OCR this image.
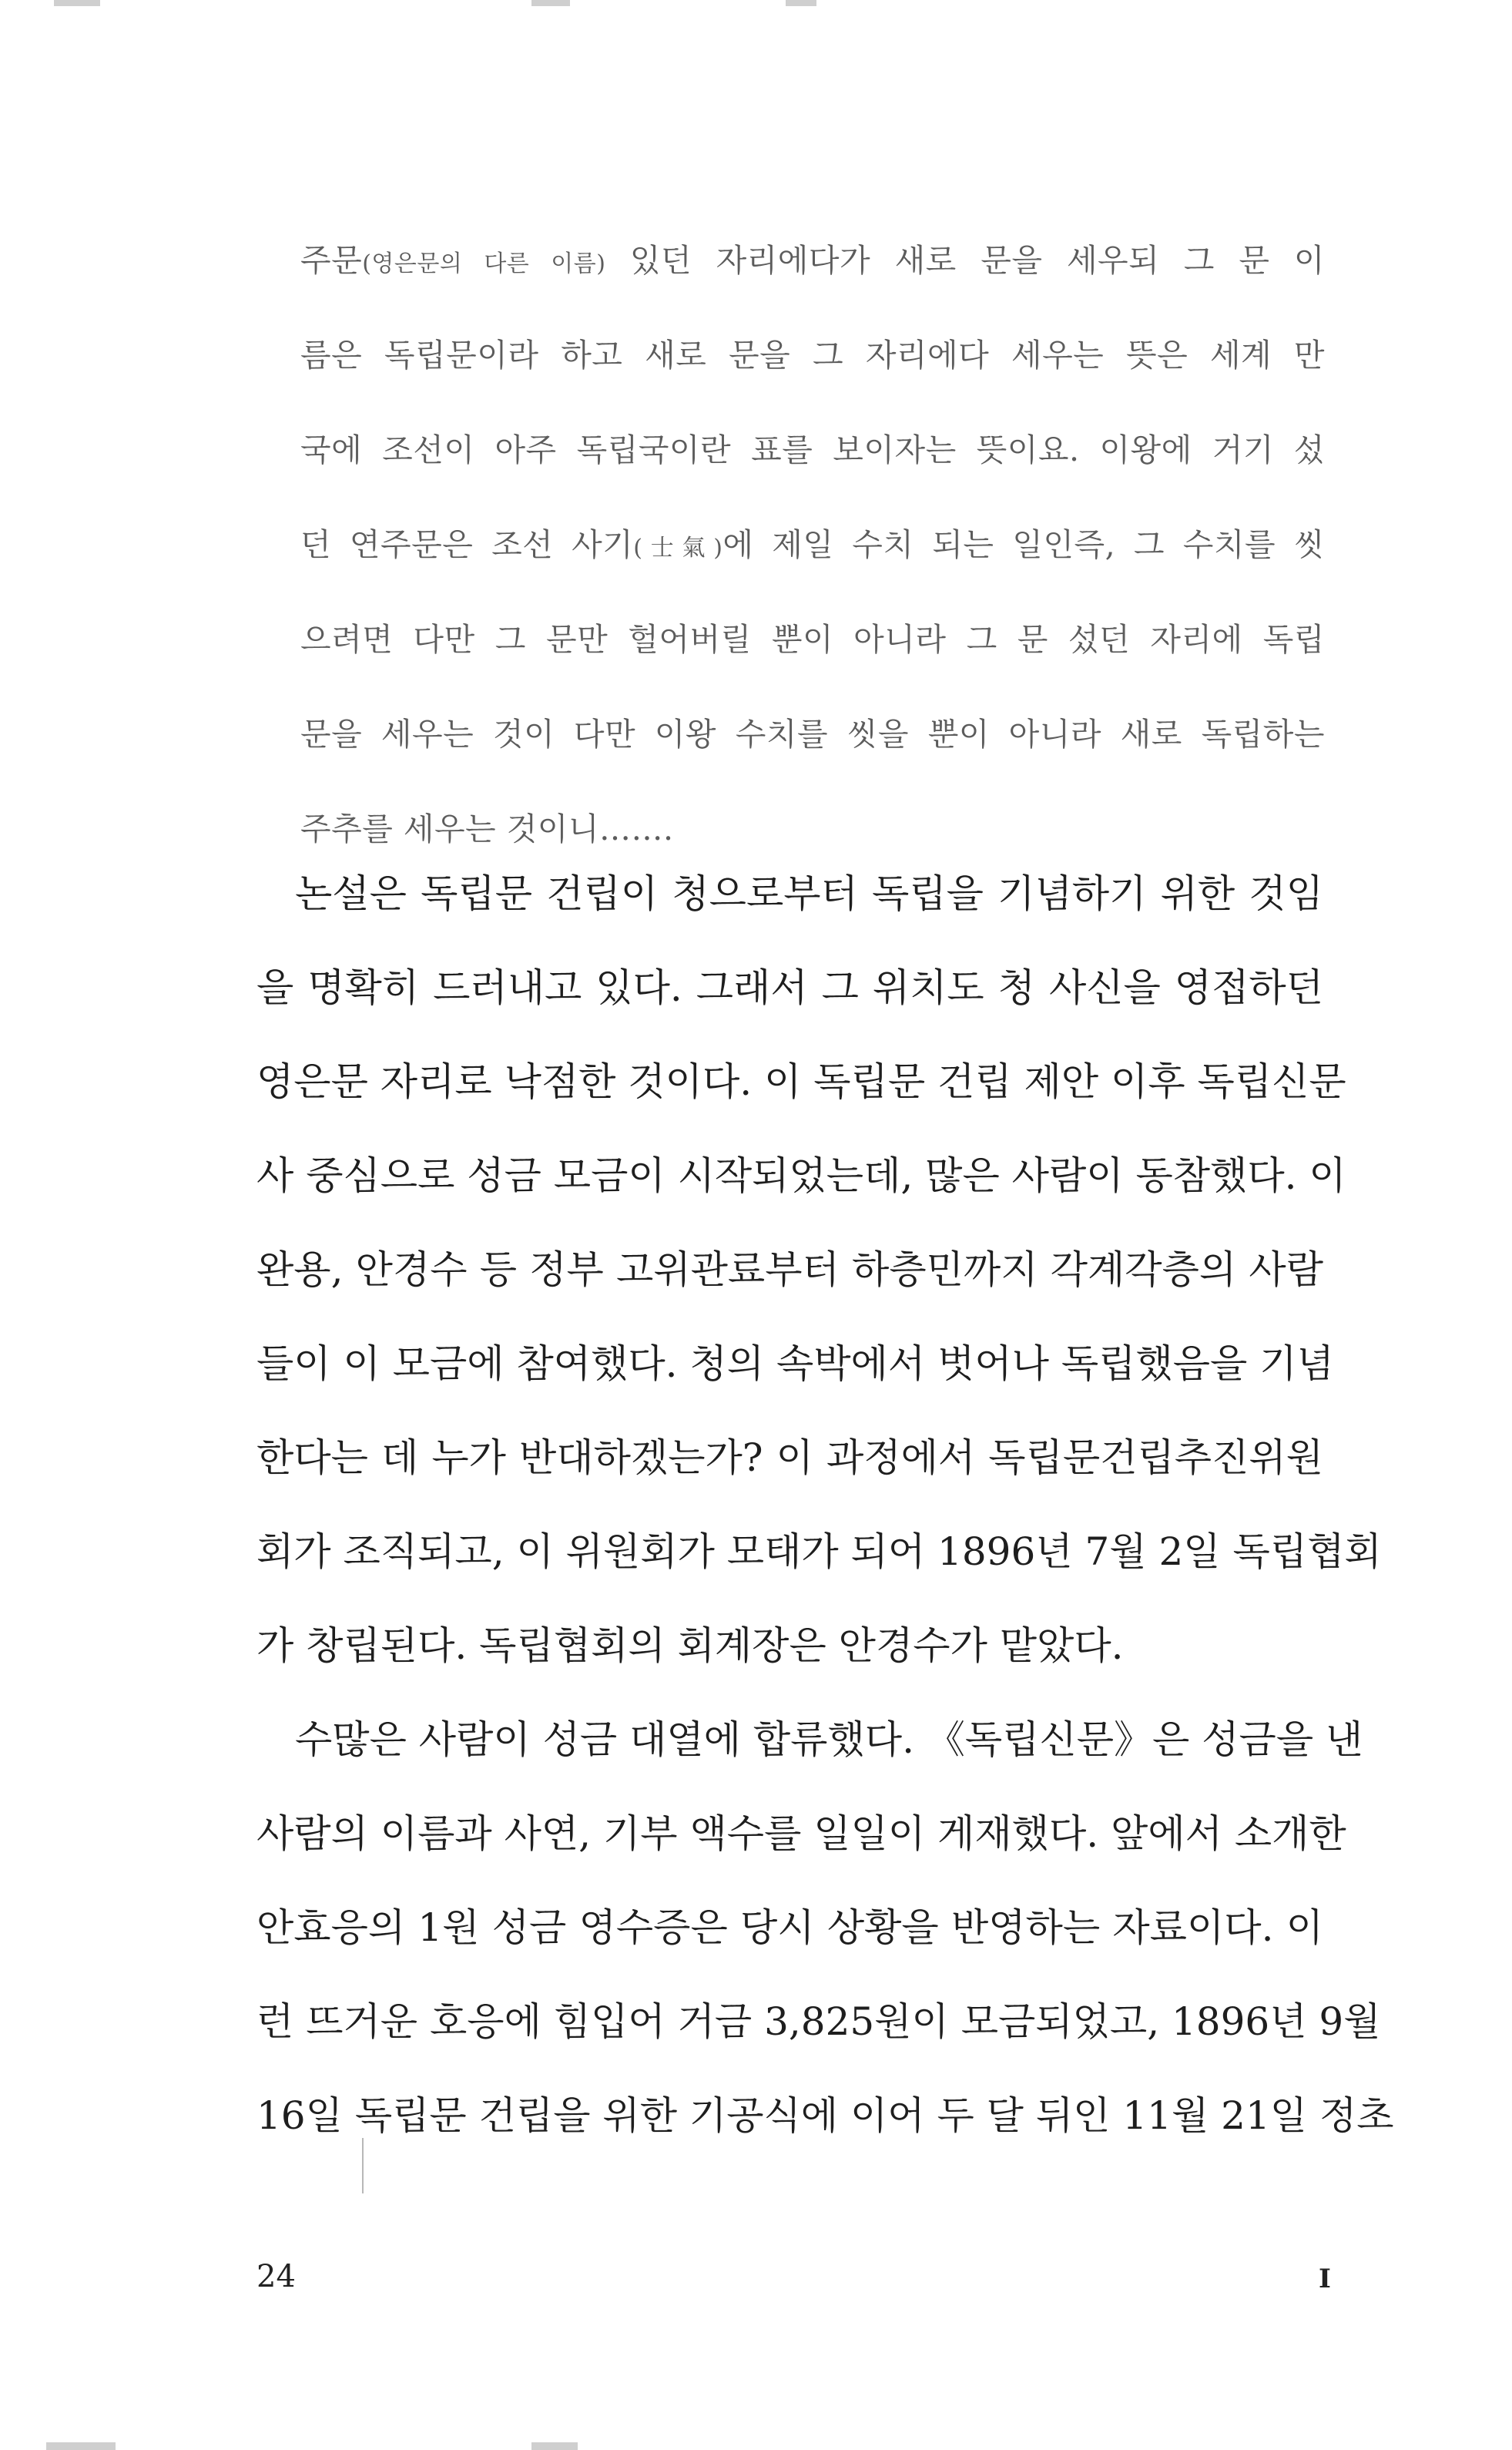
주문(영은문의 다른 이름) 있던 자리에다가 새로 문을 세우되 그 문 이
름은 독립문이라 하고 새로 문을 그 자리에다 세우는 뜻은 세계 만
국에 조선이 아주 독립국이란 표를 보이자는 뜻이요. 이왕에 거기 섰
던 연주문은 조선 사기(士氣)에 제일 수치 되는 일인즉, 그 수치를 씻
으려면 다만 그 문만 헐어버릴 뿐이 아니라 그 문 섰던 자리에 독립
문을 세우는 것이 다만 이왕 수치를 씻을 뿐이 아니라 새로 독립하는
주추를 세우는 것이니…….
논설은 독립문 건립이 청으로부터 독립을 기념하기 위한 것임
을 명확히 드러내고 있다. 그래서 그 위치도 청 사신을 영접하던
영은문 자리로 낙점한 것이다. 이 독립문 건립 제안 이후 독립신문
사 중심으로 성금 모금이 시작되었는데, 많은 사람이 동참했다. 이
완용, 안경수 등 정부 고위관료부터 하층민까지 각계각층의 사람
들이 이 모금에 참여했다. 청의 속박에서 벗어나 독립했음을 기념
한다는 데 누가 반대하겠는가? 이 과정에서 독립문건립추진위원
회가 조직되고, 이 위원회가 모태가 되어 1896년 7월 2일 독립협회
가 창립된다. 독립협회의 회계장은 안경수가 맡았다.
수많은 사람이 성금 대열에 합류했다. 《독립신문》은 성금을 낸
사람의 이름과 사연, 기부 액수를 일일이 게재했다. 앞에서 소개한
안효응의 1원 성금 영수증은 당시 상황을 반영하는 자료이다. 이
런 뜨거운 호응에 힘입어 거금 3,825원이 모금되었고, 1896년 9월
16일 독립문 건립을 위한 기공식에 이어 두 달 뒤인 11월 21일 정초
24	I
